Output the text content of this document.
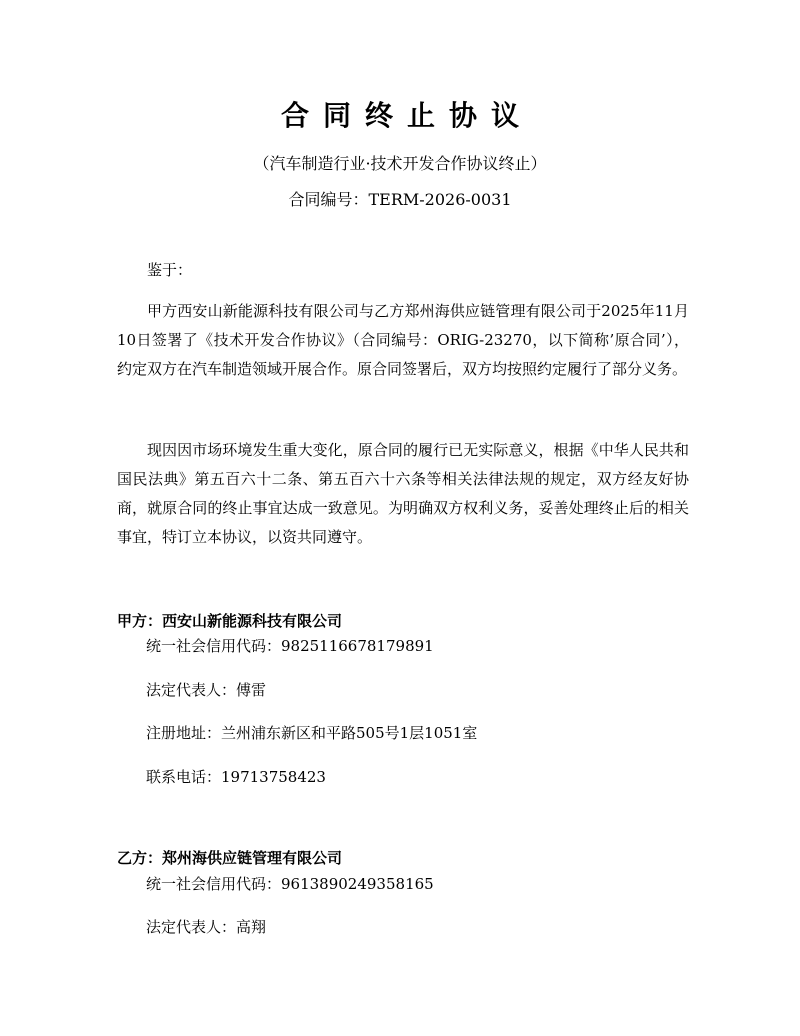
合同终止协议
（汽车制造行业·技术开发合作协议终止）
合同编号：TERM-2026-0031

鉴于：

甲方西安山新能源科技有限公司与乙方郑州海供应链管理有限公司于2025年11月10日签署了《技术开发合作协议》（合同编号：ORIG-23270，以下简称’原合同’），约定双方在汽车制造领域开展合作。原合同签署后，双方均按照约定履行了部分义务。

现因因市场环境发生重大变化，原合同的履行已无实际意义，根据《中华人民共和国民法典》第五百六十二条、第五百六十六条等相关法律法规的规定，双方经友好协商，就原合同的终止事宜达成一致意见。为明确双方权利义务，妥善处理终止后的相关事宜，特订立本协议，以资共同遵守。

甲方：西安山新能源科技有限公司
统一社会信用代码：9825116678179891
法定代表人：傅雷
注册地址：兰州浦东新区和平路505号1层1051室
联系电话：19713758423
乙方：郑州海供应链管理有限公司
统一社会信用代码：9613890249358165
法定代表人：高翔
